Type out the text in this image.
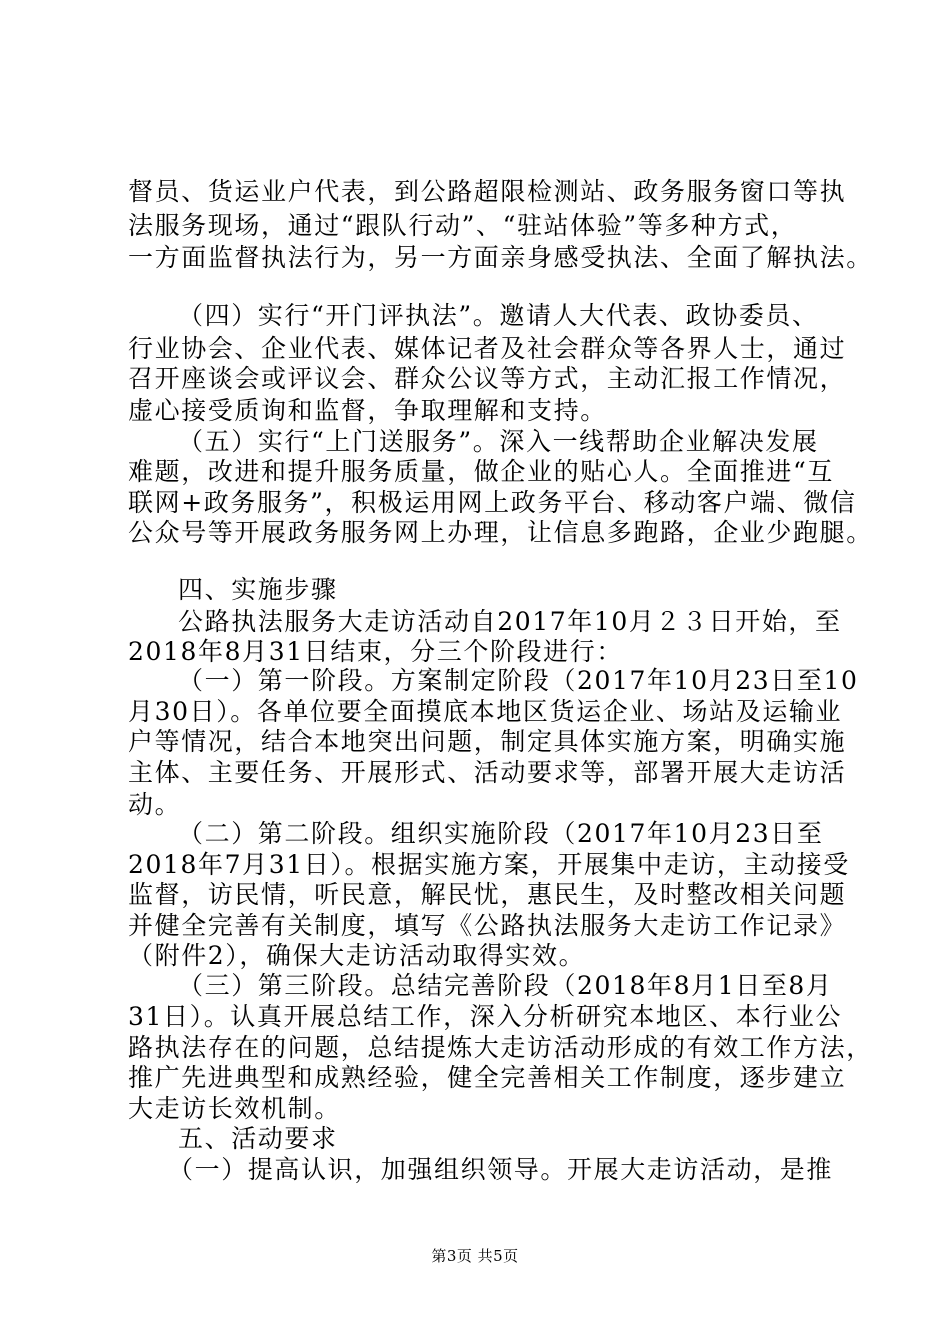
督员、货运业户代表，到公路超限检测站、政务服务窗口等执
法服务现场，通过“跟队行动”、“驻站体验”等多种方式，
一方面监督执法行为，另一方面亲身感受执法、全面了解执法。
（四）实行“开门评执法”。邀请人大代表、政协委员、
行业协会、企业代表、媒体记者及社会群众等各界人士，通过
召开座谈会或评议会、群众公议等方式，主动汇报工作情况，
虚心接受质询和监督，争取理解和支持。
（五）实行“上门送服务”。深入一线帮助企业解决发展
难题，改进和提升服务质量，做企业的贴心人。全面推进“互
联网+政务服务”，积极运用网上政务平台、移动客户端、微信
公众号等开展政务服务网上办理，让信息多跑路，企业少跑腿。
四、实施步骤
公路执法服务大走访活动自2017年10月２３日开始，至
2018年8月31日结束，分三个阶段进行：
（一）第一阶段。方案制定阶段（2017年10月23日至10
月30日）。各单位要全面摸底本地区货运企业、场站及运输业
户等情况，结合本地突出问题，制定具体实施方案，明确实施
主体、主要任务、开展形式、活动要求等，部署开展大走访活
动。
（二）第二阶段。组织实施阶段（2017年10月23日至
2018年7月31日）。根据实施方案，开展集中走访，主动接受
监督，访民情，听民意，解民忧，惠民生，及时整改相关问题
并健全完善有关制度，填写《公路执法服务大走访工作记录》
（附件2），确保大走访活动取得实效。
（三）第三阶段。总结完善阶段（2018年8月1日至8月
31日）。认真开展总结工作，深入分析研究本地区、本行业公
路执法存在的问题，总结提炼大走访活动形成的有效工作方法，
推广先进典型和成熟经验，健全完善相关工作制度，逐步建立
大走访长效机制。
五、活动要求
（一）提高认识，加强组织领导。开展大走访活动，是推
第3页 共5页
